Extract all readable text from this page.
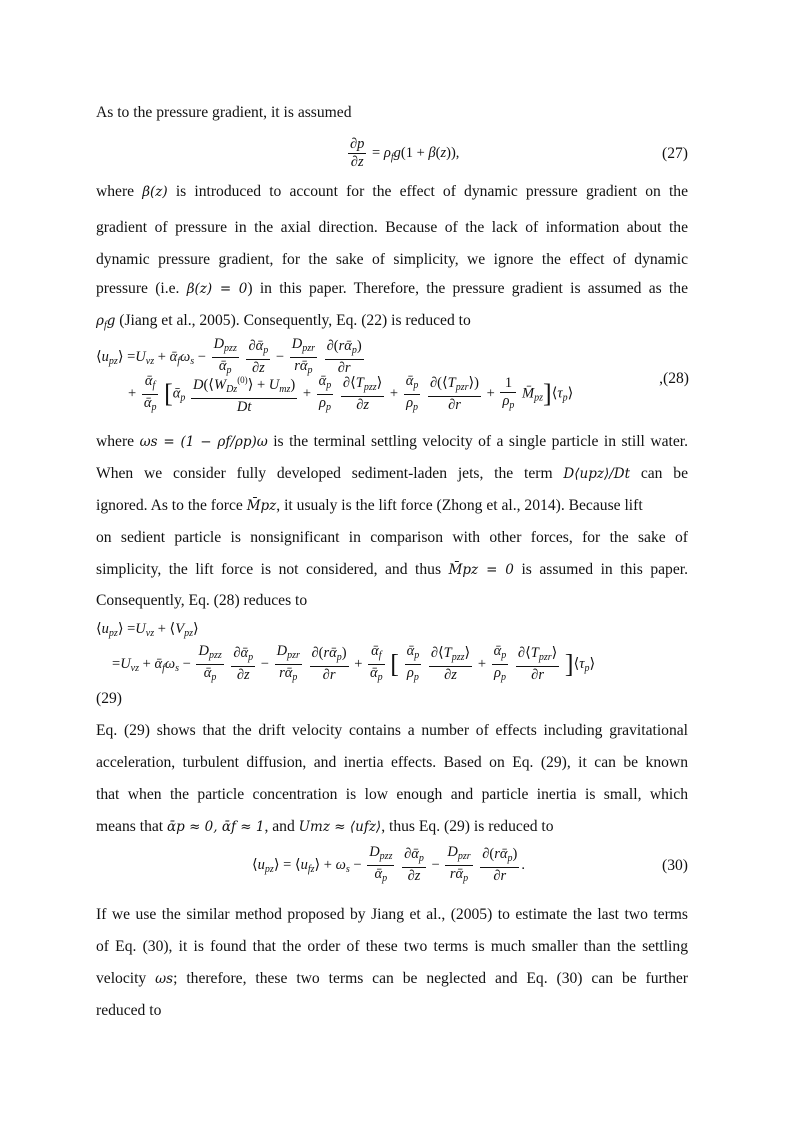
As to the pressure gradient, it is assumed
$\frac{\partial p}{\partial z} = \rho_fg(1 + \beta(z))$,	(27)
where β(z) is introduced to account for the effect of dynamic pressure gradient on the
gradient of pressure in the axial direction. Because of the lack of information about the
dynamic pressure gradient, for the sake of simplicity, we ignore the effect of dynamic
pressure (i.e. β(z) = 0) in this paper. Therefore, the pressure gradient is assumed as the
$\rho_fg$ (Jiang et al., 2005). Consequently, Eq. (22) is reduced to
$⟨u_{pz}⟩ =U_{vz}$ + $ᾱ_f\omega_s - \frac{D_{pzz}}{ᾱ_p}$
$\frac{\partial ᾱ_p}{\partial z} - \frac{D_{pzr}}{rᾱ_p}$
$\frac{\partial(rᾱ_p)}{\partial r}$
+ $\frac{ᾱ_f}{ᾱ_p}$ [ᾱ$_p$ $\frac{D(⟨W_{Dz}^{(0)}⟩ + U_{mz})}{Dt} + \frac{ᾱ_p}{\rho_p}$
$\frac{\partial⟨T_{pzz}⟩}{\partial z} + \frac{ᾱ_p}{\rho_p}$
$\frac{\partial(⟨T_{pzr}⟩)}{\partial r} + \frac{1}{\rho_p}$ $M̄_{pz}]⟨\tau_p⟩$
,(28)
where ωs = (1 − ρf/ρp)ω is the terminal settling velocity of a single particle in still water.
When we consider fully developed sediment-laden jets, the term D⟨upz⟩/Dt can be
ignored. As to the force M̄pz, it usualy is the lift force (Zhong et al., 2014). Because lift
on sedient particle is nonsignificant in comparison with other forces, for the sake of
simplicity, the lift force is not considered, and thus M̄pz = 0 is assumed in this paper.
Consequently, Eq. (28) reduces to
$⟨u_{pz}⟩ =U_{vz}$ + $⟨V_{pz}⟩$
$=U_{vz}$ + $ᾱ_f\omega_s - \frac{D_{pzz}}{ᾱ_p}$
$\frac{\partial ᾱ_p}{\partial z} - \frac{D_{pzr}}{rᾱ_p}$
$\frac{\partial(rᾱ_p)}{\partial r} + \frac{ᾱ_f}{ᾱ_p}$ [ $\frac{ᾱ_p}{\rho_p}$
$\frac{\partial⟨T_{pzz}⟩}{\partial z} + \frac{ᾱ_p}{\rho_p}$
$\frac{\partial⟨T_{pzr}⟩}{\partial r}$ ]$⟨\tau_p⟩$
(29)
Eq. (29) shows that the drift velocity contains a number of effects including gravitational
acceleration, turbulent diffusion, and inertia effects. Based on Eq. (29), it can be known
that when the particle concentration is low enough and particle inertia is small, which
means that ᾱp ≈ 0, ᾱf ≈ 1, and Umz ≈ ⟨ufz⟩, thus Eq. (29) is reduced to
$⟨u_{pz}⟩$ = $⟨u_{fz}⟩ + \omega_s - \frac{D_{pzz}}{ᾱ_p}$
$\frac{\partial ᾱ_p}{\partial z} - \frac{D_{pzr}}{rᾱ_p}$
$\frac{\partial(rᾱ_p)}{\partial r}$ .	(30)
If we use the similar method proposed by Jiang et al., (2005) to estimate the last two terms
of Eq. (30), it is found that the order of these two terms is much smaller than the settling
velocity ωs; therefore, these two terms can be neglected and Eq. (30) can be further
reduced to
